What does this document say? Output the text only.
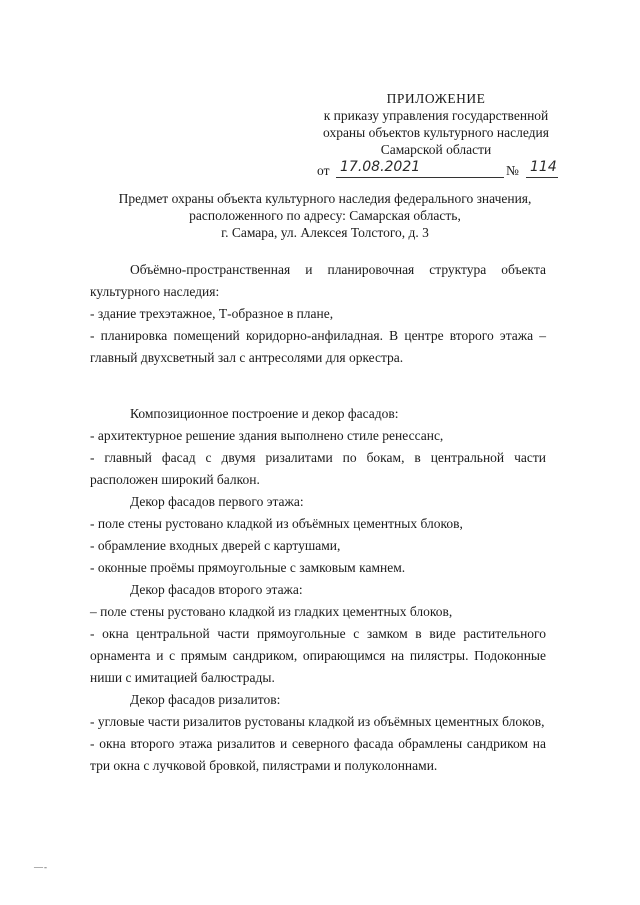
ПРИЛОЖЕНИЕ
к приказу управления государственной
охраны объектов культурного наследия
Самарской области
от 17.08.2021	№ 114
Предмет охраны объекта культурного наследия федерального значения,
расположенного по адресу: Самарская область,
г. Самара, ул. Алексея Толстого, д. 3

Объёмно-пространственная и планировочная структура объекта культурного наследия:

- здание трехэтажное, Т-образное в плане,

- планировка помещений коридорно-анфиладная. В центре второго этажа – главный двухсветный зал с антресолями для оркестра.

Композиционное построение и декор фасадов:

- архитектурное решение здания выполнено стиле ренессанс,

- главный фасад с двумя ризалитами по бокам, в центральной части расположен широкий балкон.

Декор фасадов первого этажа:

- поле стены рустовано кладкой из объёмных цементных блоков,

- обрамление входных дверей с картушами,

- оконные проёмы прямоугольные с замковым камнем.

Декор фасадов второго этажа:

– поле стены рустовано кладкой из гладких цементных блоков,

- окна центральной части прямоугольные с замком в виде растительного орнамента и с прямым сандриком, опирающимся на пилястры. Подоконные ниши с имитацией балюстрады.

Декор фасадов ризалитов:

- угловые части ризалитов рустованы кладкой из объёмных цементных блоков,

- окна второго этажа ризалитов и северного фасада обрамлены сандриком на три окна с лучковой бровкой, пилястрами и полуколоннами.

—-
